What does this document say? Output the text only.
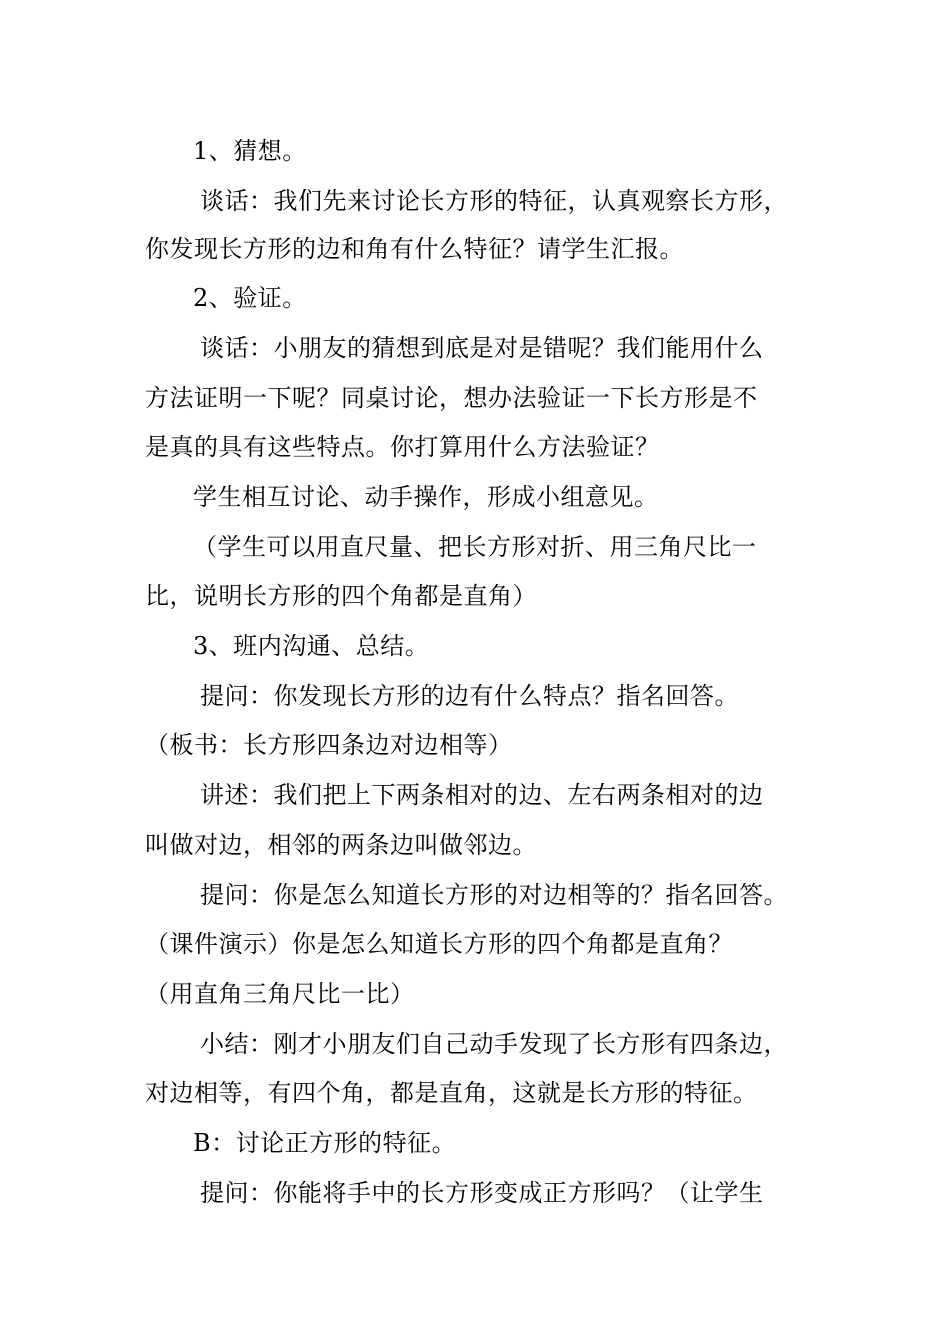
1、猜想。
谈话：我们先来讨论长方形的特征，认真观察长方形，
你发现长方形的边和角有什么特征？请学生汇报。
2、验证。
谈话：小朋友的猜想到底是对是错呢？我们能用什么
方法证明一下呢？同桌讨论，想办法验证一下长方形是不
是真的具有这些特点。你打算用什么方法验证？
学生相互讨论、动手操作，形成小组意见。
（学生可以用直尺量、把长方形对折、用三角尺比一
比，说明长方形的四个角都是直角）
3、班内沟通、总结。
提问：你发现长方形的边有什么特点？指名回答。
（板书：长方形四条边对边相等）
讲述：我们把上下两条相对的边、左右两条相对的边
叫做对边，相邻的两条边叫做邻边。
提问：你是怎么知道长方形的对边相等的？指名回答。
（课件演示）你是怎么知道长方形的四个角都是直角？
（用直角三角尺比一比）
小结：刚才小朋友们自己动手发现了长方形有四条边，
对边相等，有四个角，都是直角，这就是长方形的特征。
B：讨论正方形的特征。
提问：你能将手中的长方形变成正方形吗？（让学生
